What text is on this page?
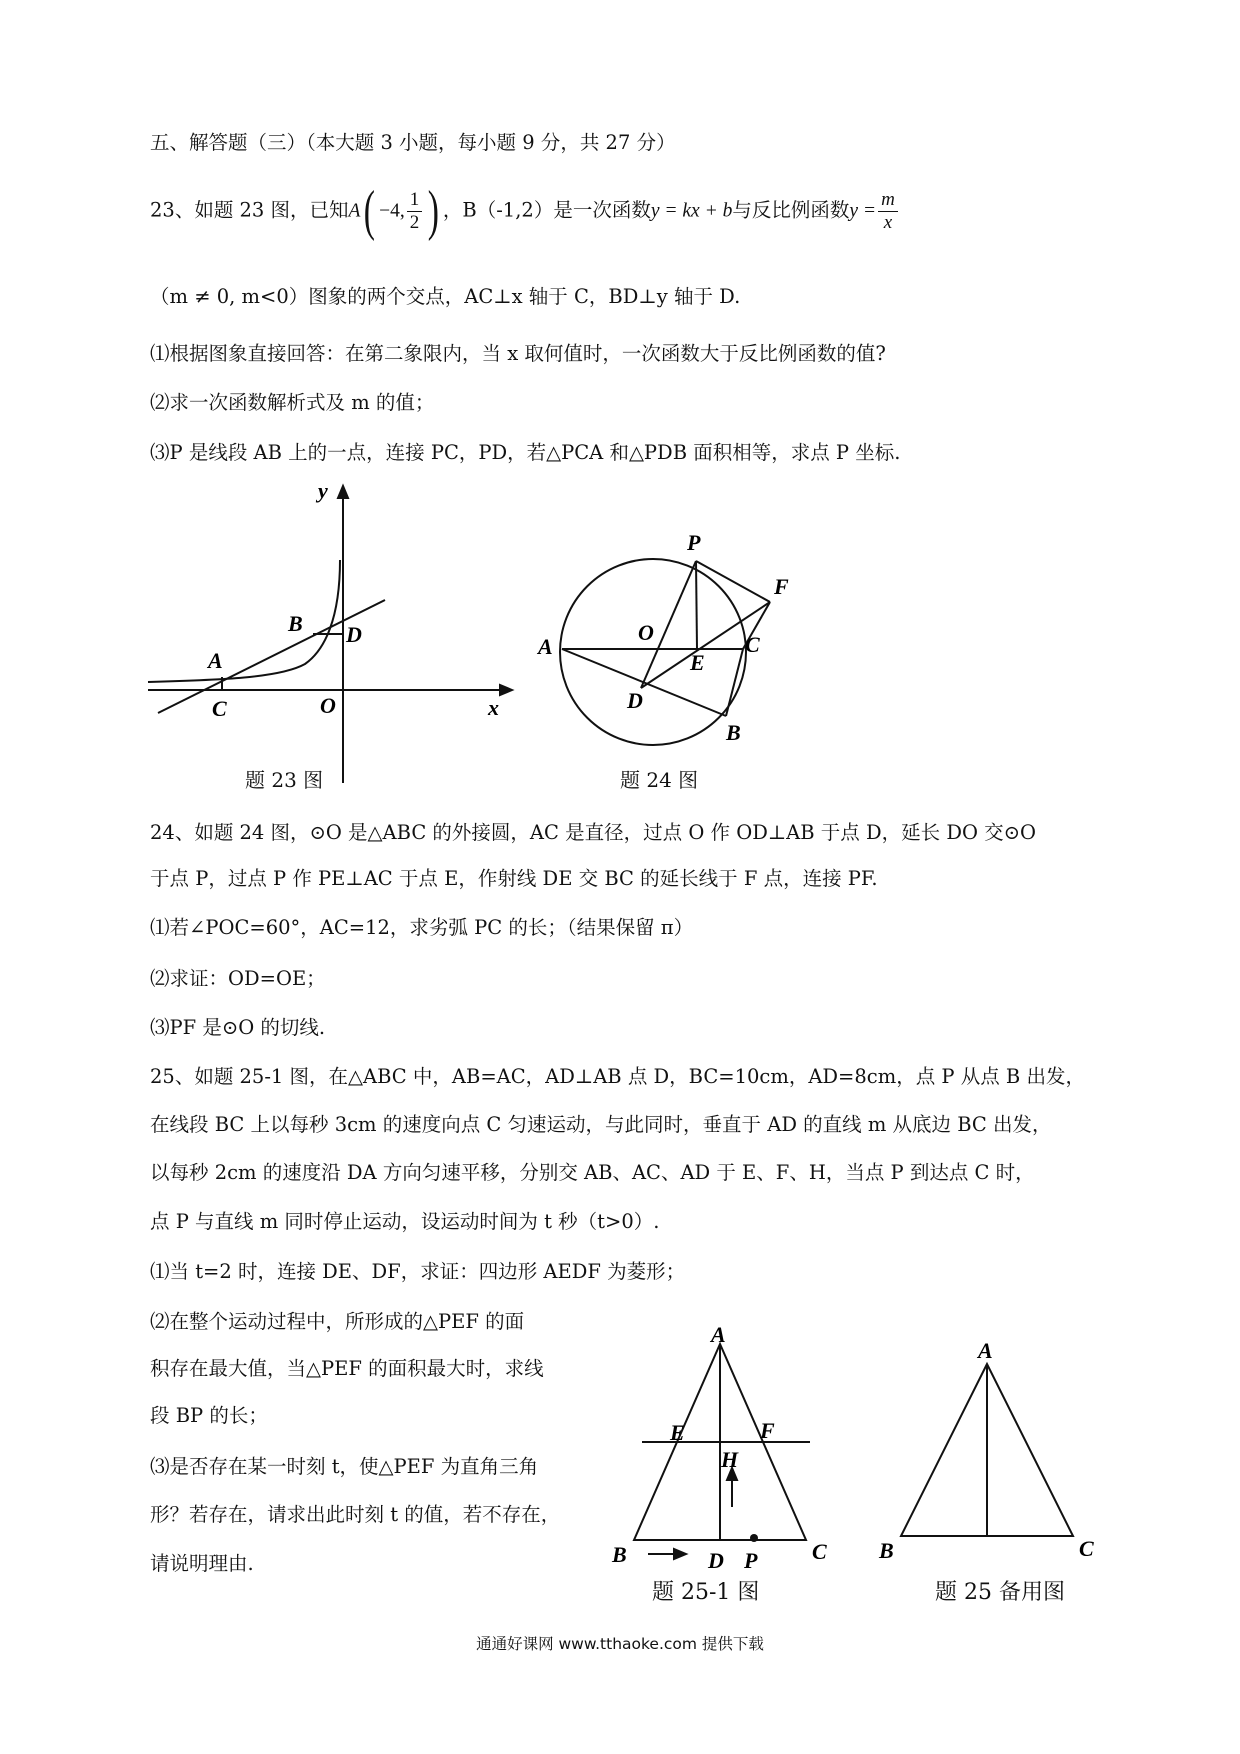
五、解答题（三）（本大题 3 小题，每小题 9 分，共 27 分）
23、如题 23 图，已知A( −4, $\frac{1}{2}$ ) ，B（-1,2）是一次函数y = kx + b与反比例函数$y = \frac{m}{x}$
（m ≠ 0, m<0）图象的两个交点，AC⊥x 轴于 C，BD⊥y 轴于 D.
⑴根据图象直接回答：在第二象限内，当 x 取何值时，一次函数大于反比例函数的值?
⑵求一次函数解析式及 m 的值；
⑶P 是线段 AB 上的一点，连接 PC，PD，若△PCA 和△PDB 面积相等，求点 P 坐标.
y
B D
A
C	O	x
题 23 图
P
F
O
A	C
E
D
B
题 24 图
24、如题 24 图，⊙O 是△ABC 的外接圆，AC 是直径，过点 O 作 OD⊥AB 于点 D，延长 DO 交⊙O
于点 P，过点 P 作 PE⊥AC 于点 E，作射线 DE 交 BC 的延长线于 F 点，连接 PF.
⑴若∠POC=60°，AC=12，求劣弧 PC 的长；（结果保留 π）
⑵求证：OD=OE；
⑶PF 是⊙O 的切线.
25、如题 25-1 图，在△ABC 中，AB=AC，AD⊥AB 点 D，BC=10cm，AD=8cm，点 P 从点 B 出发，
在线段 BC 上以每秒 3cm 的速度向点 C 匀速运动，与此同时，垂直于 AD 的直线 m 从底边 BC 出发，
以每秒 2cm 的速度沿 DA 方向匀速平移，分别交 AB、AC、AD 于 E、F、H，当点 P 到达点 C 时，
点 P 与直线 m 同时停止运动，设运动时间为 t 秒（t>0）.
⑴当 t=2 时，连接 DE、DF，求证：四边形 AEDF 为菱形；
⑵在整个运动过程中，所形成的△PEF 的面
积存在最大值，当△PEF 的面积最大时，求线
段 BP 的长；
⑶是否存在某一时刻 t，使△PEF 为直角三角
形？若存在，请求出此时刻 t 的值，若不存在，
请说明理由.
A
E	F
H
B	D P C
题 25-1 图
A
B	C
题 25 备用图
通通好课网 www.tthaoke.com 提供下载
